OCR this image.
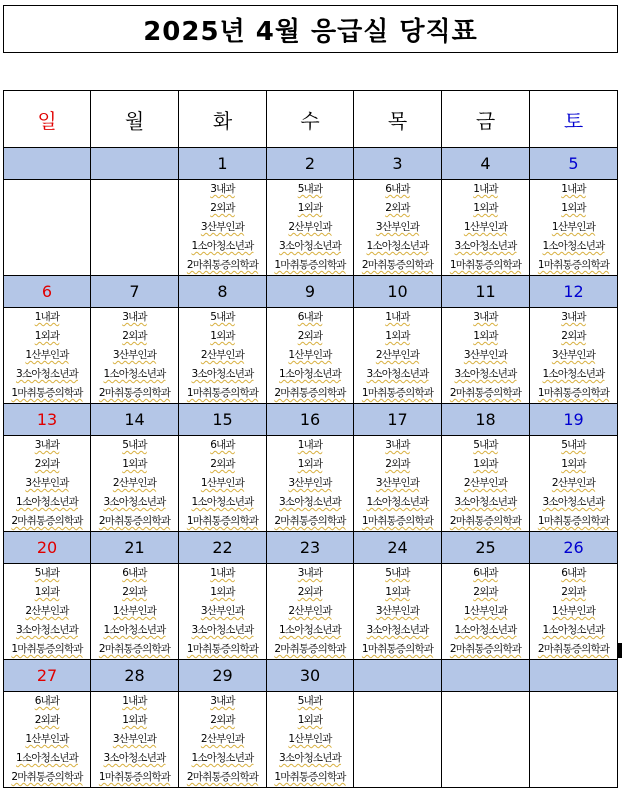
2025년 4월 응급실 당직표
일	월	화	수	목	금	토
		1	2	3	4	5

		3내과
2외과
3산부인과
1소아청소년과
2마취통증의학과	5내과
1외과
2산부인과
3소아청소년과
1마취통증의학과	6내과
2외과
3산부인과
1소아청소년과
2마취통증의학과	1내과
1외과
1산부인과
3소아청소년과
1마취통증의학과	1내과
1외과
1산부인과
1소아청소년과
1마취통증의학과

6	7	8	9	10	11	12

1내과
1외과
1산부인과
3소아청소년과
1마취통증의학과	3내과
2외과
3산부인과
1소아청소년과
2마취통증의학과	5내과
1외과
2산부인과
3소아청소년과
1마취통증의학과	6내과
2외과
1산부인과
1소아청소년과
2마취통증의학과	1내과
1외과
2산부인과
3소아청소년과
1마취통증의학과	3내과
1외과
3산부인과
3소아청소년과
2마취통증의학과	3내과
2외과
3산부인과
1소아청소년과
1마취통증의학과

13	14	15	16	17	18	19

3내과
2외과
3산부인과
1소아청소년과
2마취통증의학과	5내과
1외과
2산부인과
3소아청소년과
2마취통증의학과	6내과
2외과
1산부인과
1소아청소년과
1마취통증의학과	1내과
1외과
3산부인과
3소아청소년과
2마취통증의학과	3내과
2외과
3산부인과
1소아청소년과
1마취통증의학과	5내과
1외과
2산부인과
3소아청소년과
2마취통증의학과	5내과
1외과
2산부인과
3소아청소년과
1마취통증의학과

20	21	22	23	24	25	26

5내과
1외과
2산부인과
3소아청소년과
1마취통증의학과	6내과
2외과
1산부인과
1소아청소년과
2마취통증의학과	1내과
1외과
3산부인과
3소아청소년과
1마취통증의학과	3내과
2외과
2산부인과
1소아청소년과
2마취통증의학과	5내과
1외과
3산부인과
3소아청소년과
1마취통증의학과	6내과
2외과
1산부인과
1소아청소년과
2마취통증의학과	6내과
2외과
1산부인과
1소아청소년과
2마취통증의학과

27	28	29	30			

6내과
2외과
1산부인과
1소아청소년과
2마취통증의학과	1내과
1외과
3산부인과
3소아청소년과
1마취통증의학과	3내과
2외과
2산부인과
1소아청소년과
2마취통증의학과	5내과
1외과
1산부인과
3소아청소년과
1마취통증의학과			
